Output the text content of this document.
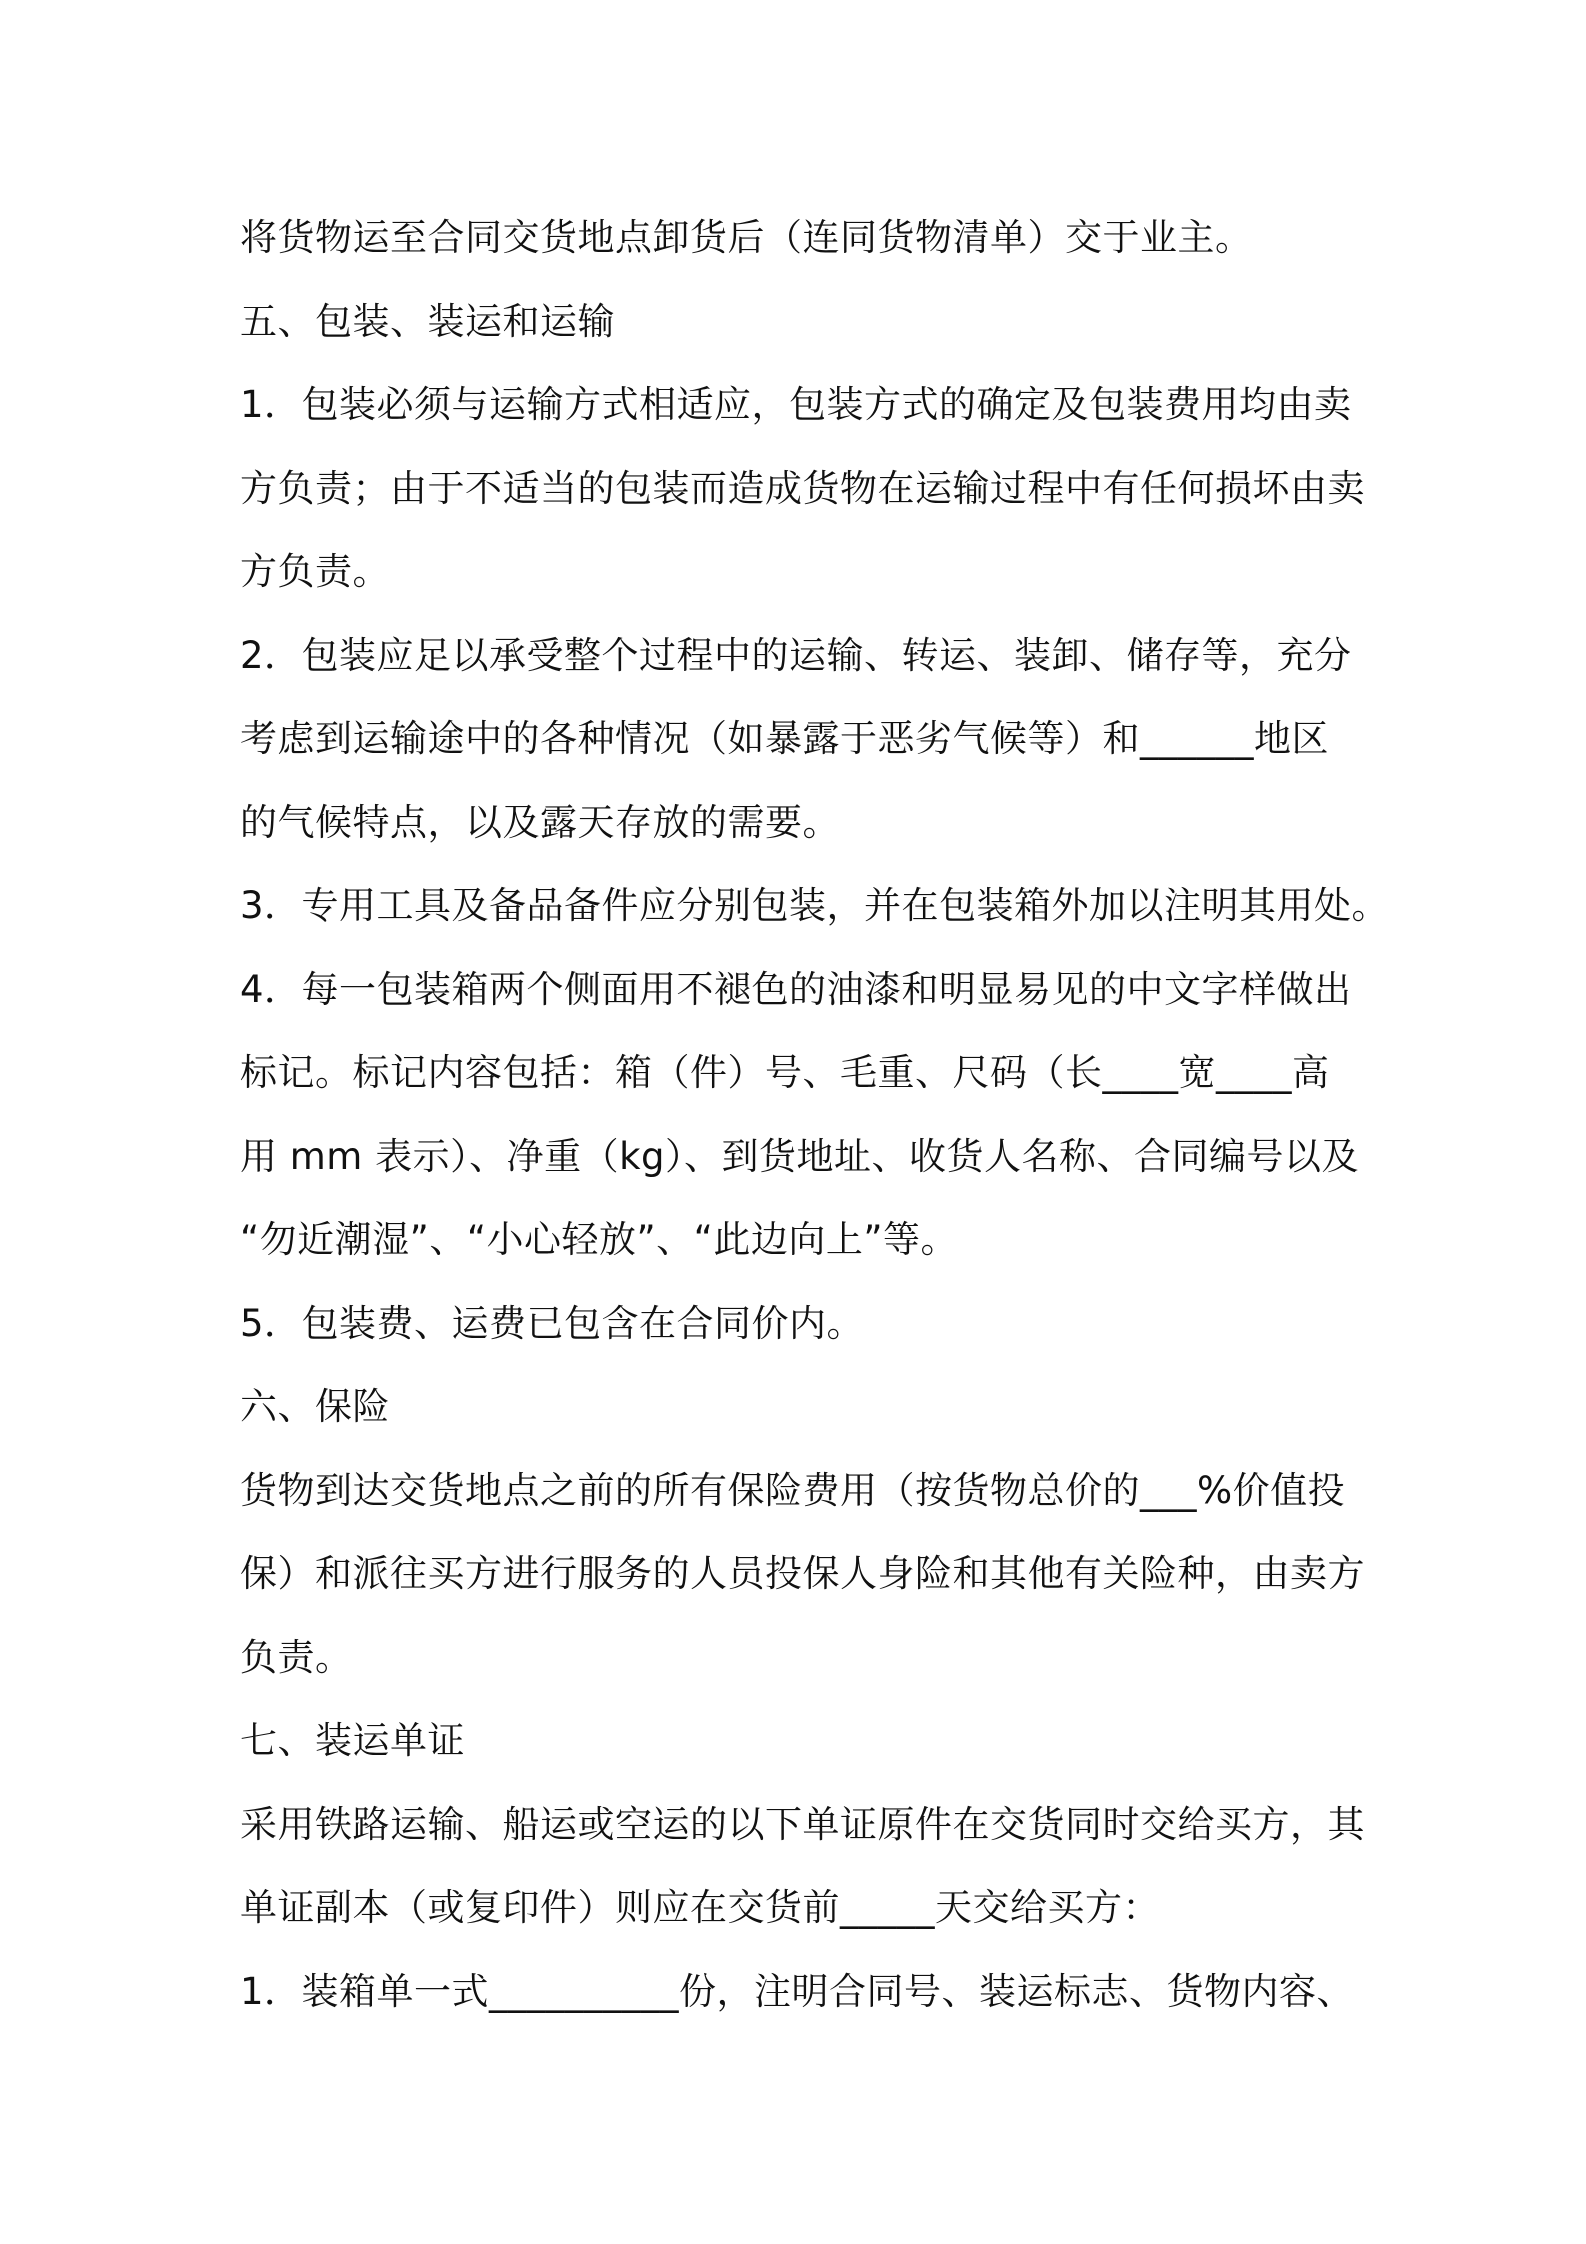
将货物运至合同交货地点卸货后（连同货物清单）交于业主。
五、包装、装运和运输
1．包装必须与运输方式相适应，包装方式的确定及包装费用均由卖
方负责；由于不适当的包装而造成货物在运输过程中有任何损坏由卖
方负责。
2．包装应足以承受整个过程中的运输、转运、装卸、储存等，充分
考虑到运输途中的各种情况（如暴露于恶劣气候等）和______地区
的气候特点，以及露天存放的需要。
3．专用工具及备品备件应分别包装，并在包装箱外加以注明其用处。
4．每一包装箱两个侧面用不褪色的油漆和明显易见的中文字样做出
标记。标记内容包括：箱（件）号、毛重、尺码（长____宽____高
用 mm 表示）、净重（kg）、到货地址、收货人名称、合同编号以及
“勿近潮湿”、“小心轻放”、“此边向上”等。
5．包装费、运费已包含在合同价内。
六、保险
货物到达交货地点之前的所有保险费用（按货物总价的___%价值投
保）和派往买方进行服务的人员投保人身险和其他有关险种，由卖方
负责。
七、装运单证
采用铁路运输、船运或空运的以下单证原件在交货同时交给买方，其
单证副本（或复印件）则应在交货前_____天交给买方：
1．装箱单一式__________份，注明合同号、装运标志、货物内容、
